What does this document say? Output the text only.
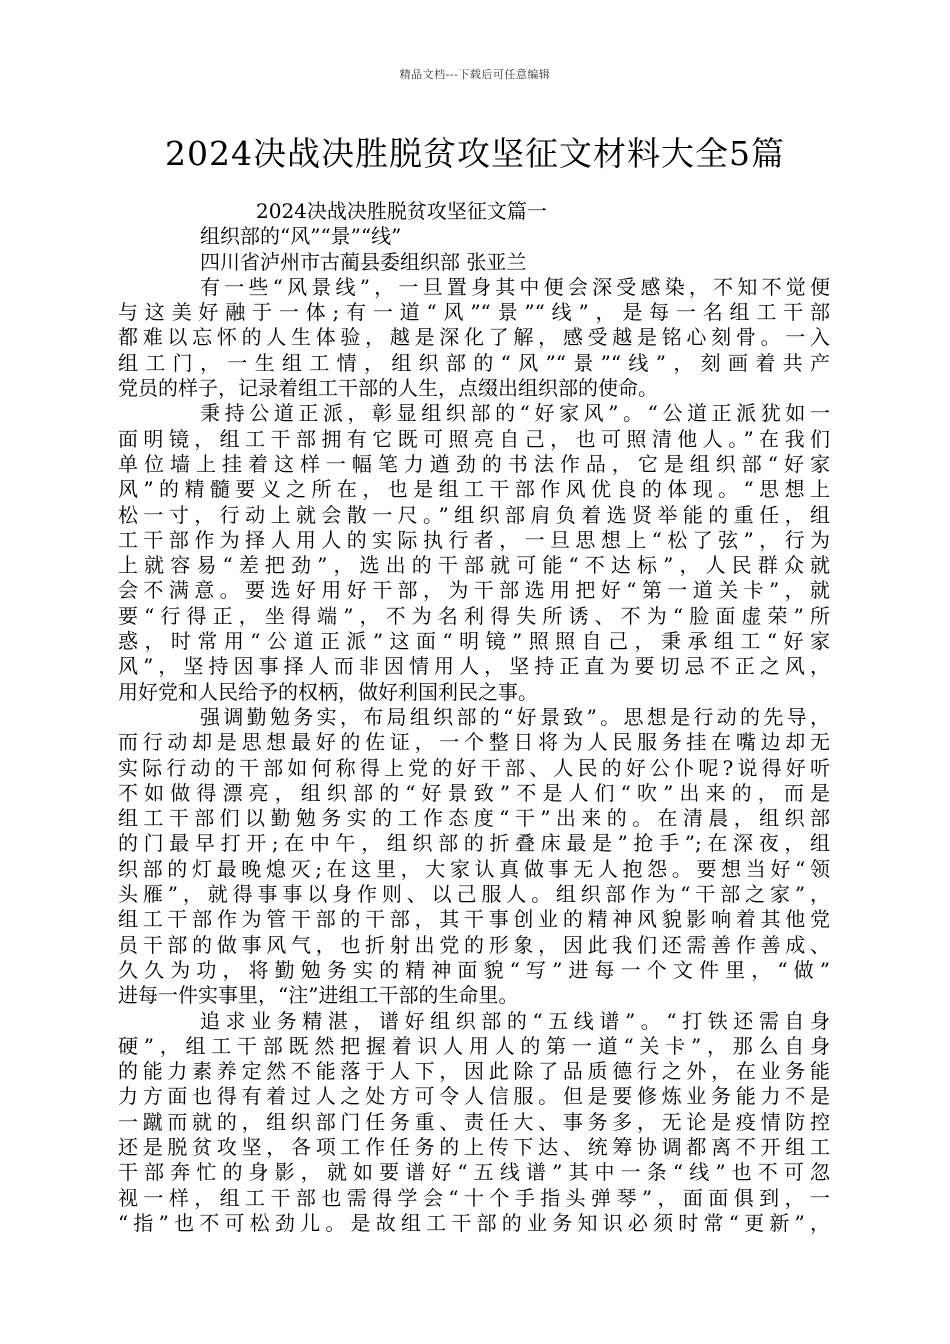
精品文档---下载后可任意编辑
2024决战决胜脱贫攻坚征文材料大全5篇
2024决战决胜脱贫攻坚征文篇一
组织部的“风”“景”“线”
四川省泸州市古蔺县委组织部 张亚兰
有一些“风景线”，一旦置身其中便会深受感染，不知不觉便
与这美好融于一体;有一道“风”“景”“线”，是每一名组工干部
都难以忘怀的人生体验，越是深化了解，感受越是铭心刻骨。一入
组工门，一生组工情，组织部的“风”“景”“线”，刻画着共产
党员的样子，记录着组工干部的人生，点缀出组织部的使命。
秉持公道正派，彰显组织部的“好家风”。“公道正派犹如一
面明镜，组工干部拥有它既可照亮自己，也可照清他人。”在我们
单位墙上挂着这样一幅笔力遒劲的书法作品，它是组织部“好家
风”的精髓要义之所在，也是组工干部作风优良的体现。“思想上
松一寸，行动上就会散一尺。”组织部肩负着选贤举能的重任，组
工干部作为择人用人的实际执行者，一旦思想上“松了弦”，行为
上就容易“差把劲”，选出的干部就可能“不达标”，人民群众就
会不满意。要选好用好干部，为干部选用把好“第一道关卡”，就
要“行得正，坐得端”，不为名利得失所诱、不为“脸面虚荣”所
惑，时常用“公道正派”这面“明镜”照照自己，秉承组工“好家
风”，坚持因事择人而非因情用人，坚持正直为要切忌不正之风，
用好党和人民给予的权柄，做好利国利民之事。
强调勤勉务实，布局组织部的“好景致”。思想是行动的先导，
而行动却是思想最好的佐证，一个整日将为人民服务挂在嘴边却无
实际行动的干部如何称得上党的好干部、人民的好公仆呢?说得好听
不如做得漂亮，组织部的“好景致”不是人们“吹”出来的，而是
组工干部们以勤勉务实的工作态度“干”出来的。在清晨，组织部
的门最早打开;在中午，组织部的折叠床最是”抢手”;在深夜，组
织部的灯最晚熄灭;在这里，大家认真做事无人抱怨。要想当好“领
头雁”，就得事事以身作则、以己服人。组织部作为“干部之家”，
组工干部作为管干部的干部，其干事创业的精神风貌影响着其他党
员干部的做事风气，也折射出党的形象，因此我们还需善作善成、
久久为功，将勤勉务实的精神面貌“写”进每一个文件里，“做”
进每一件实事里，“注”进组工干部的生命里。
追求业务精湛，谱好组织部的“五线谱”。“打铁还需自身
硬”，组工干部既然把握着识人用人的第一道“关卡”，那么自身
的能力素养定然不能落于人下，因此除了品质德行之外，在业务能
力方面也得有着过人之处方可令人信服。但是要修炼业务能力不是
一蹴而就的，组织部门任务重、责任大、事务多，无论是疫情防控
还是脱贫攻坚，各项工作任务的上传下达、统筹协调都离不开组工
干部奔忙的身影，就如要谱好“五线谱”其中一条“线”也不可忽
视一样，组工干部也需得学会“十个手指头弹琴”，面面俱到，一
“指”也不可松劲儿。是故组工干部的业务知识必须时常“更新”，
